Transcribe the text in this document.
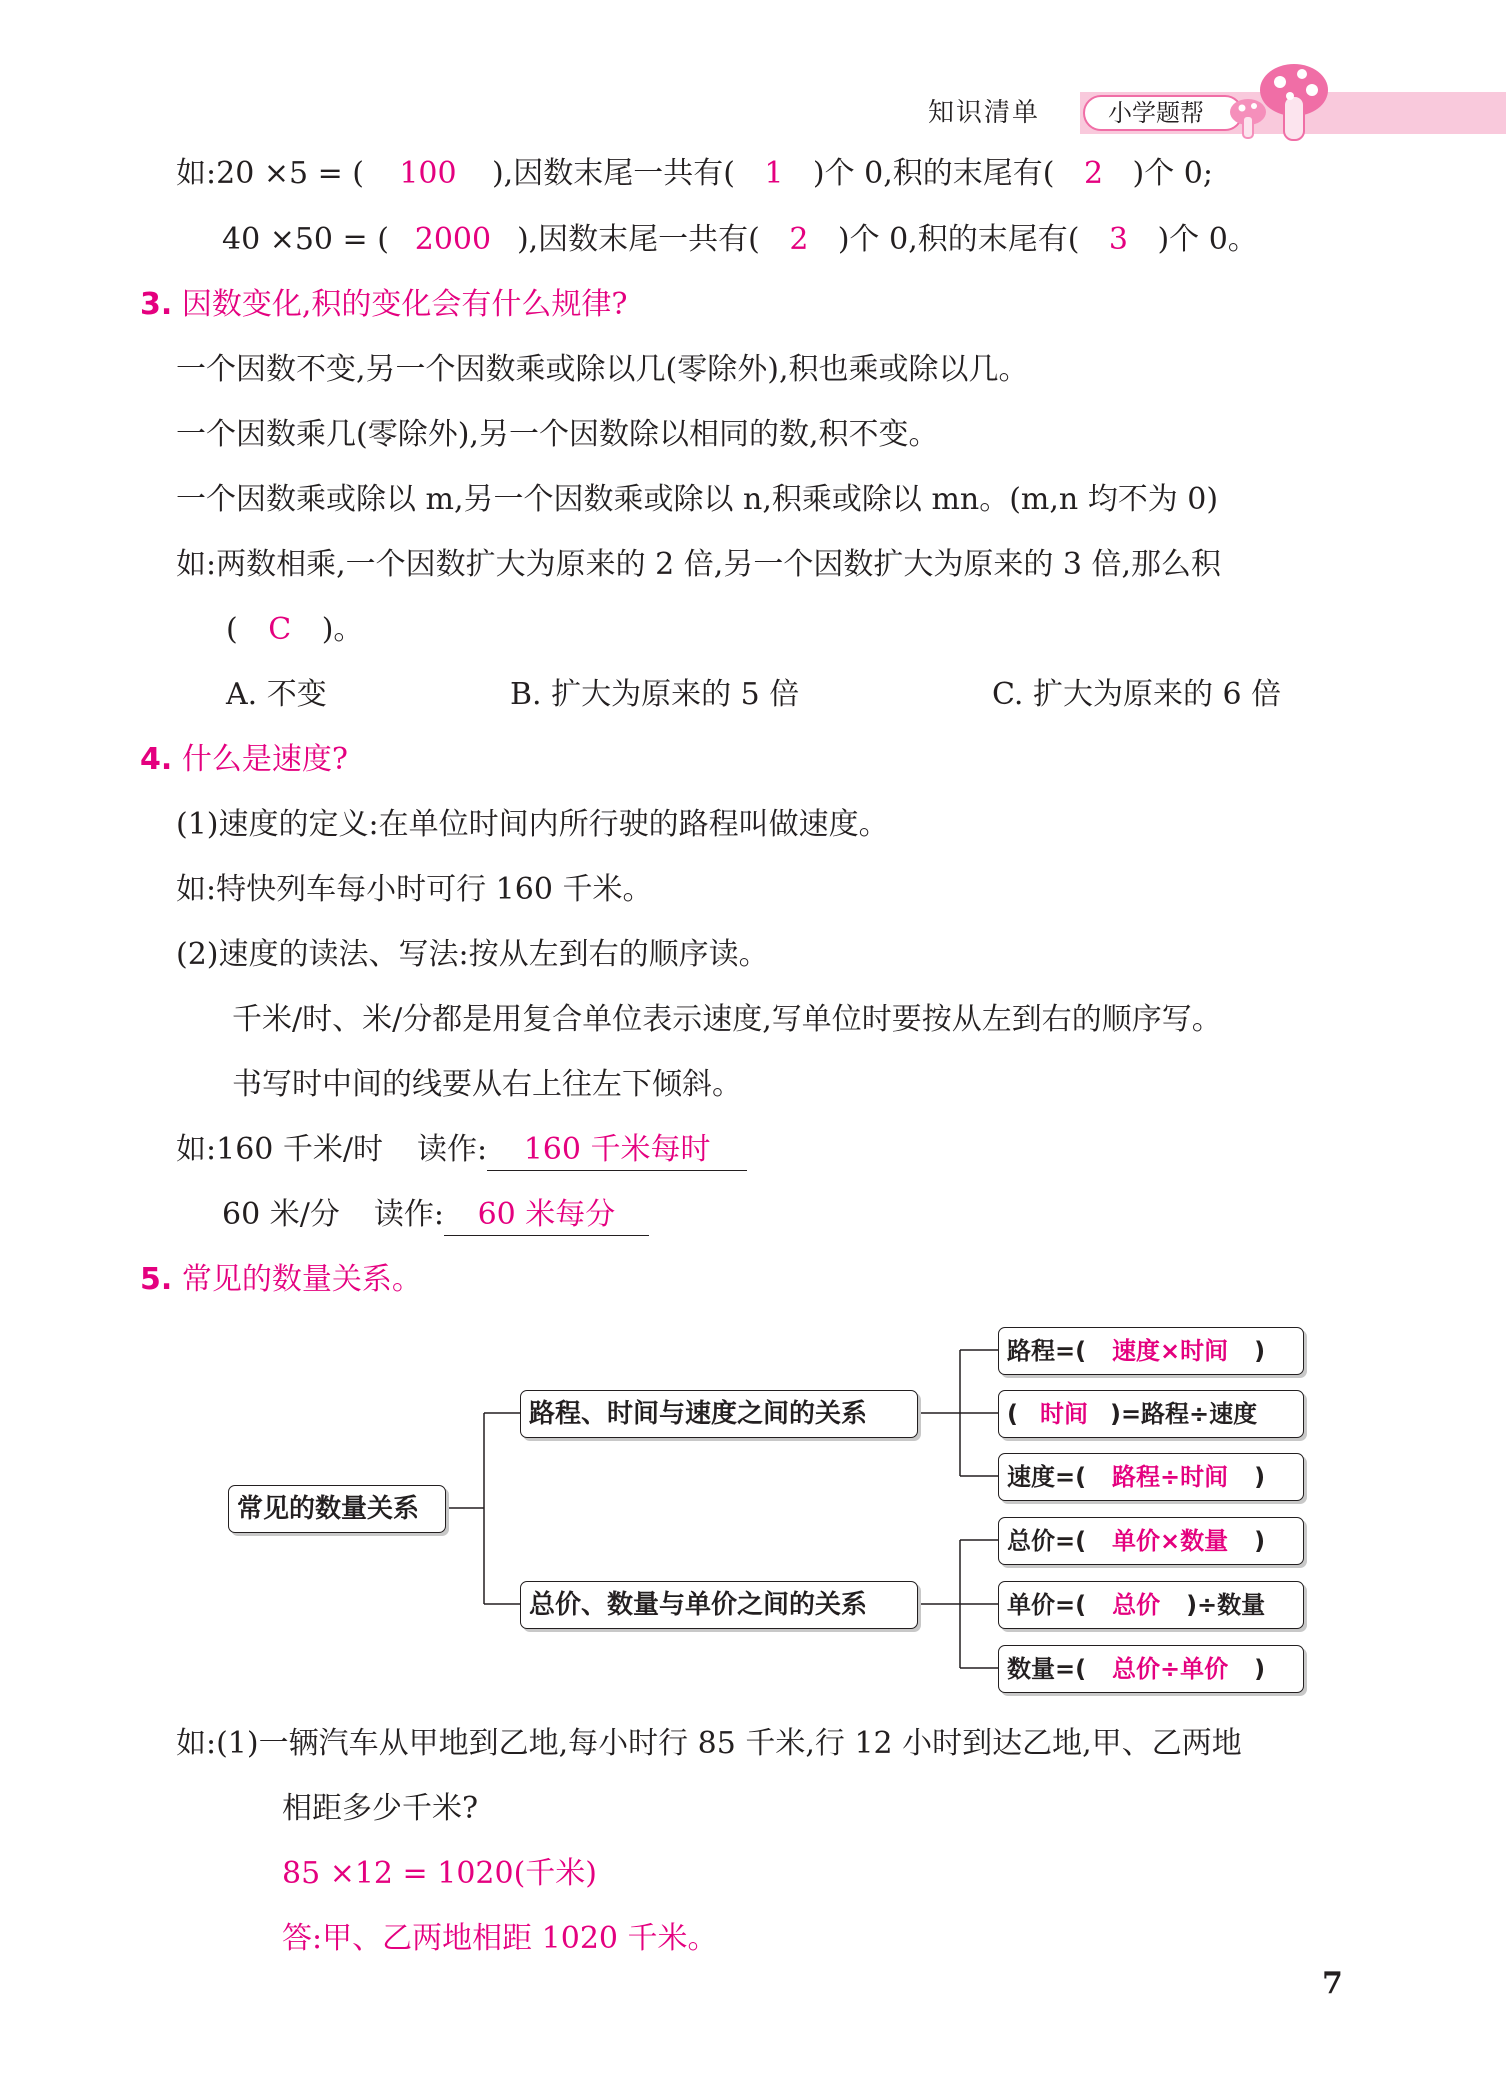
小学题帮
知识清单
如:20 ×5 = ( 100 ),因数末尾一共有( 1 )个 0,积的末尾有( 2 )个 0;
40 ×50 = ( 2000 ),因数末尾一共有( 2 )个 0,积的末尾有( 3 )个 0。
3. 因数变化,积的变化会有什么规律?
一个因数不变,另一个因数乘或除以几(零除外),积也乘或除以几。
一个因数乘几(零除外),另一个因数除以相同的数,积不变。
一个因数乘或除以 m,另一个因数乘或除以 n,积乘或除以 mn。(m,n 均不为 0)
如:两数相乘,一个因数扩大为原来的 2 倍,另一个因数扩大为原来的 3 倍,那么积
( C )。
A. 不变	B. 扩大为原来的 5 倍	C. 扩大为原来的 6 倍
4. 什么是速度?
(1)速度的定义:在单位时间内所行驶的路程叫做速度。
如:特快列车每小时可行 160 千米。
(2)速度的读法、写法:按从左到右的顺序读。
千米/时、米/分都是用复合单位表示速度,写单位时要按从左到右的顺序写。
书写时中间的线要从右上往左下倾斜。
如:160 千米/时 读作: 160 千米每时
60 米/分 读作: 60 米每分
5. 常见的数量关系。
常见的数量关系
路程、时间与速度之间的关系
总价、数量与单价之间的关系
路程=( 速度×时间 )
( 时间 )=路程÷速度
速度=( 路程÷时间 )
总价=( 单价×数量 )
单价=( 总价 )÷数量
数量=( 总价÷单价 )
如:(1)一辆汽车从甲地到乙地,每小时行 85 千米,行 12 小时到达乙地,甲、乙两地
相距多少千米?
85 ×12 = 1020(千米)
答:甲、乙两地相距 1020 千米。
7
